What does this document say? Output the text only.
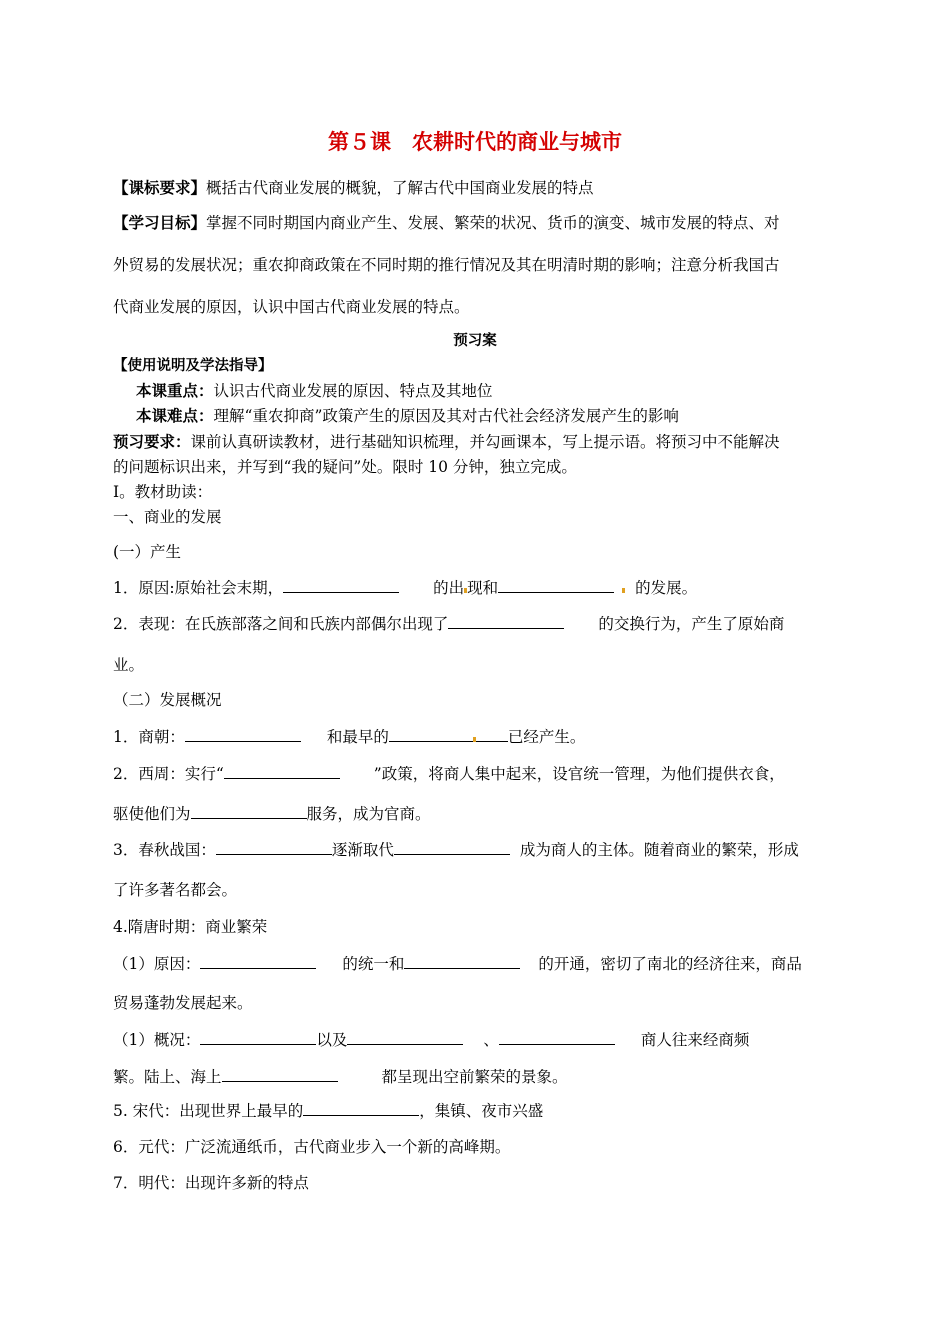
第５课　农耕时代的商业与城市
【课标要求】概括古代商业发展的概貌，了解古代中国商业发展的特点
【学习目标】掌握不同时期国内商业产生、发展、繁荣的状况、货币的演变、城市发展的特点、对
外贸易的发展状况；重农抑商政策在不同时期的推行情况及其在明清时期的影响；注意分析我国古
代商业发展的原因，认识中国古代商业发展的特点。
预习案
【使用说明及学法指导】
本课重点：认识古代商业发展的原因、特点及其地位
本课难点：理解“重农抑商”政策产生的原因及其对古代社会经济发展产生的影响
预习要求：课前认真研读教材，进行基础知识梳理，并勾画课本，写上提示语。将预习中不能解决
的问题标识出来，并写到“我的疑问”处。限时 10 分钟，独立完成。
Ⅰ。教材助读：
一、商业的发展
(一）产生
1．原因:原始社会末期，	的出 现和	的发展。
2．表现：在氏族部落之间和氏族内部偶尔出现了	的交换行为，产生了原始商
业。
（二）发展概况
1．商朝：	和最早的	已经产生。
2．西周：实行“	”政策，将商人集中起来，设官统一管理，为他们提供衣食，
驱使他们为	服务，成为官商。
3．春秋战国：	逐渐取代	成为商人的主体。随着商业的繁荣，形成
了许多著名都会。
4.隋唐时期：商业繁荣
（1）原因：	的统一和	的开通，密切了南北的经济往来，商品
贸易蓬勃发展起来。
（1）概况：	以及	、	商人往来经商频
繁。陆上、海上	都呈现出空前繁荣的景象。
5. 宋代：出现世界上最早的	，集镇、夜市兴盛
6．元代：广泛流通纸币，古代商业步入一个新的高峰期。
7．明代：出现许多新的特点
